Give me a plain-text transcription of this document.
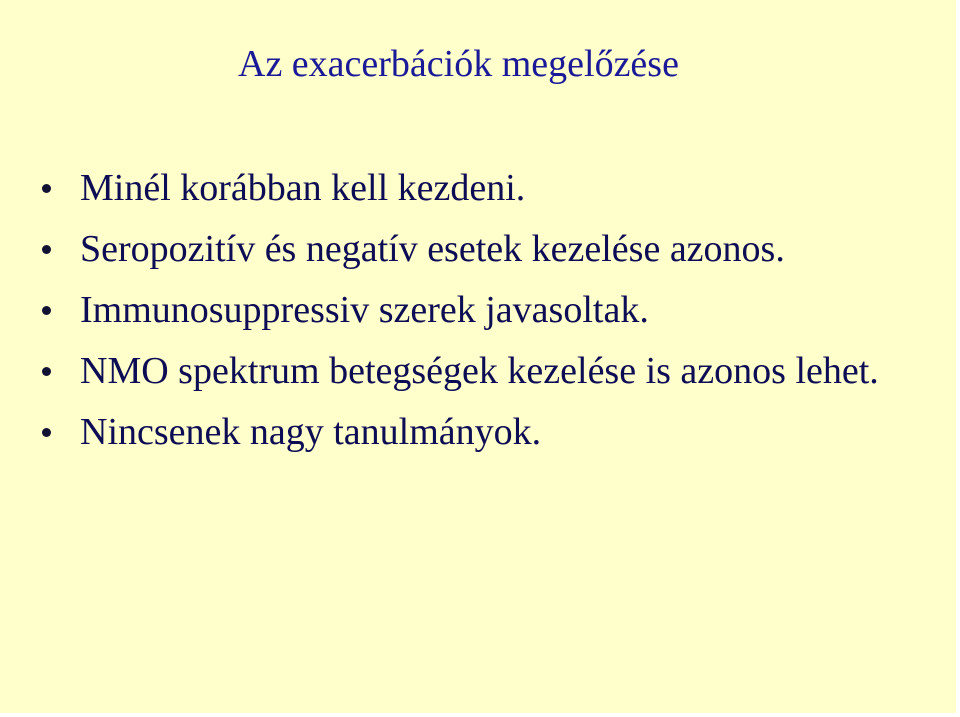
Az exacerbációk megelőzése
Minél korábban kell kezdeni.
Seropozitív és negatív esetek kezelése azonos.
Immunosuppressiv szerek javasoltak.
NMO spektrum betegségek kezelése is azonos lehet.
Nincsenek nagy tanulmányok.
